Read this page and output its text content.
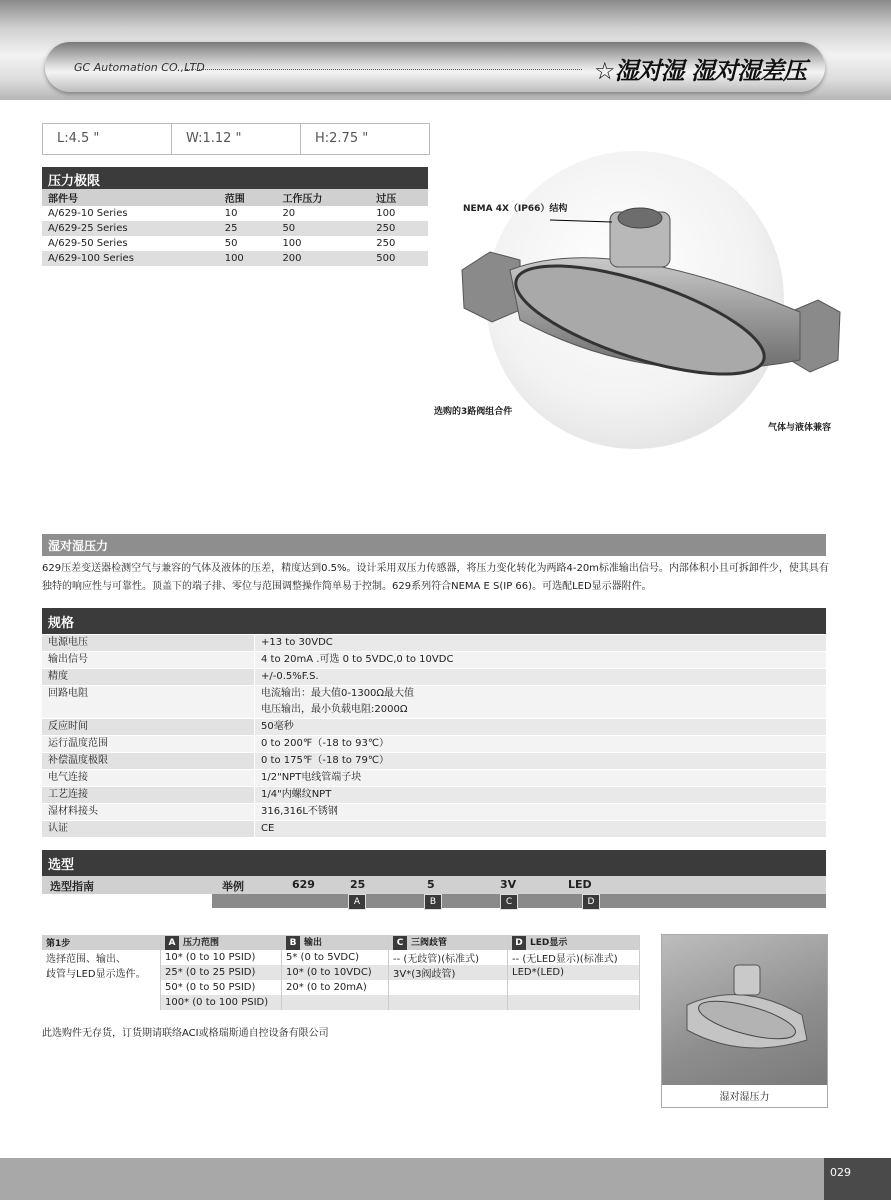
GC Automation CO.,LTD	☆湿对湿 湿对湿差压
L:4.5 "	W:1.12 "	H:2.75 "
压力极限
部件号	范围	工作压力	过压
A/629-10 Series	10	20	100
A/629-25 Series	25	50	250
A/629-50 Series	50	100	250
A/629-100 Series	100	200	500
NEMA 4X（IP66）结构
选购的3路阀组合件
气体与液体兼容
湿对湿压力
629压差变送器检测空气与兼容的气体及液体的压差，精度达到0.5%。设计采用双压力传感器，将压力变化转化为两路4-20m标准输出信号。内部体积小且可拆卸件少，使其具有独特的响应性与可靠性。顶盖下的端子排、零位与范围调整操作简单易于控制。629系列符合NEMA E S(IP 66)。可选配LED显示器附件。
规格
电源电压	+13 to 30VDC
输出信号	4 to 20mA .可选 0 to 5VDC,0 to 10VDC
精度	+/-0.5%F.S.
回路电阻	电流输出：最大值0-1300Ω最大值
电压输出，最小负载电阻:2000Ω

反应时间	50毫秒
运行温度范围	0 to 200℉（-18 to 93℃）
补偿温度极限	0 to 175℉（-18 to 79℃）
电气连接	1/2"NPT电线管端子块
工艺连接	1/4"内螺纹NPT
湿材料接头	316,316L不锈钢
认证	CE
选型
选型指南	举例	629	25	5	3V	LED
A	B	C	D
第1步	A 压力范围	B 输出	C 三阀歧管	D LED显示
选择范围、输出、	10* (0 to 10 PSID)	5* (0 to 5VDC)	-- (无歧管)(标准式)	-- (无LED显示)(标准式)
歧管与LED显示选件。	25* (0 to 25 PSID)	10* (0 to 10VDC)	3V*(3阀歧管)	LED*(LED)
	50* (0 to 50 PSID)	20* (0 to 20mA)		
	100* (0 to 100 PSID)			
此选购件无存货，订货期请联络ACI或格瑞斯通自控设备有限公司
湿对湿压力
029
